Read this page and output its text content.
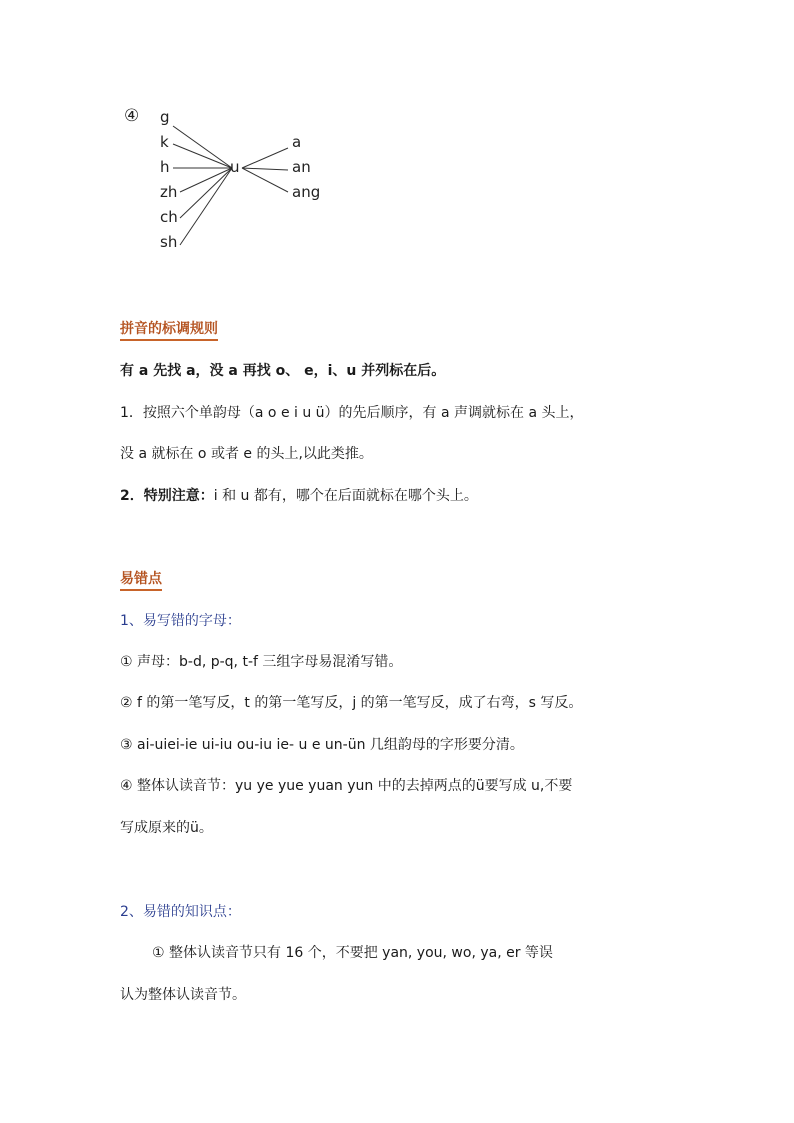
④ g
k
h
zh
ch
sh
u
a
an
ang
拼音的标调规则
有 a 先找 a，没 a 再找 o、 e，i、u 并列标在后。
1．按照六个单韵母（a o e i u ü）的先后顺序，有 a 声调就标在 a 头上，
没 a 就标在 o 或者 e 的头上,以此类推。
2．特别注意：i 和 u 都有，哪个在后面就标在哪个头上。
易错点
1、易写错的字母：
① 声母：b-d, p-q, t-f 三组字母易混淆写错。
② f 的第一笔写反，t 的第一笔写反，j 的第一笔写反，成了右弯，s 写反。
③ ai-uiei-ie ui-iu ou-iu ie- u e un-ün 几组韵母的字形要分清。
④ 整体认读音节：yu ye yue yuan yun 中的去掉两点的ü要写成 u,不要
写成原来的ü。
2、易错的知识点：
① 整体认读音节只有 16 个，不要把 yan, you, wo, ya, er 等误
认为整体认读音节。
